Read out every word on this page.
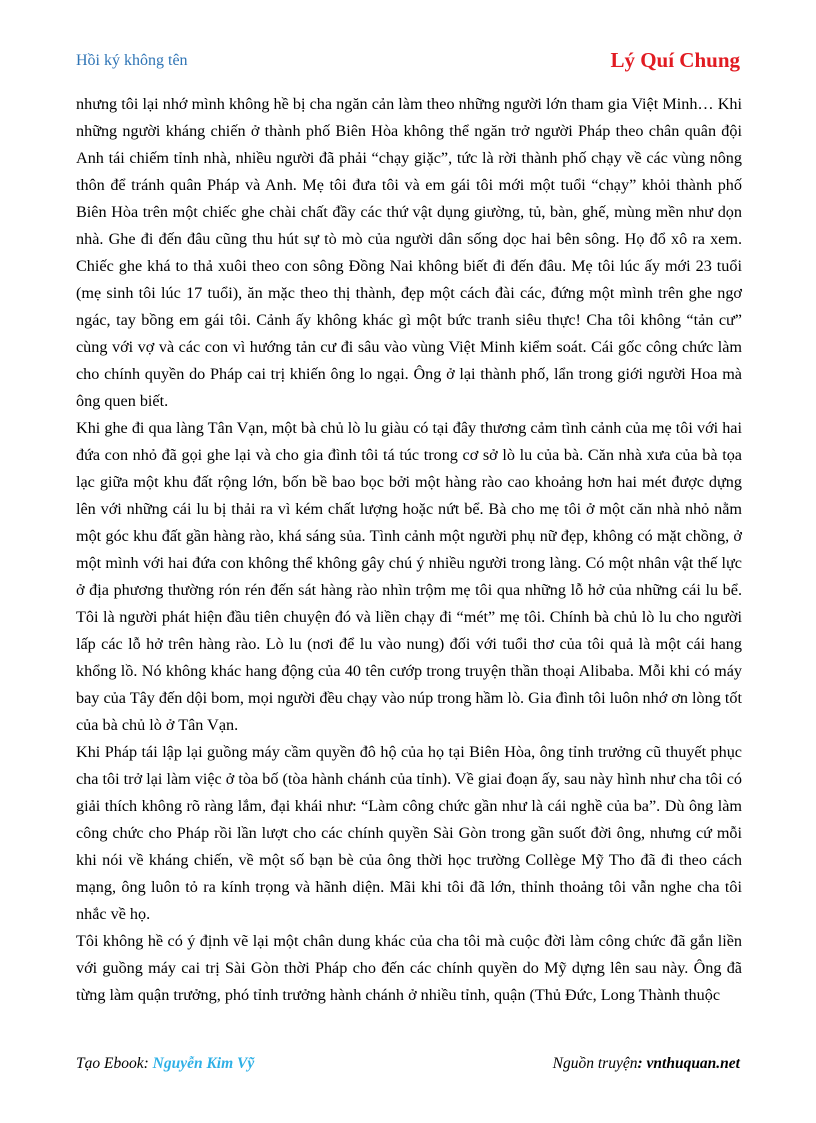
Hồi ký không tên	Lý Quí Chung

nhưng tôi lại nhớ mình không hề bị cha ngăn cản làm theo những người lớn tham gia Việt Minh… Khi những người kháng chiến ở thành phố Biên Hòa không thể ngăn trở người Pháp theo chân quân đội Anh tái chiếm tỉnh nhà, nhiều người đã phải “chạy giặc”, tức là rời thành phố chạy về các vùng nông thôn để tránh quân Pháp và Anh. Mẹ tôi đưa tôi và em gái tôi mới một tuổi “chạy” khỏi thành phố Biên Hòa trên một chiếc ghe chài chất đầy các thứ vật dụng giường, tủ, bàn, ghế, mùng mền như dọn nhà. Ghe đi đến đâu cũng thu hút sự tò mò của người dân sống dọc hai bên sông. Họ đổ xô ra xem. Chiếc ghe khá to thả xuôi theo con sông Đồng Nai không biết đi đến đâu. Mẹ tôi lúc ấy mới 23 tuổi (mẹ sinh tôi lúc 17 tuổi), ăn mặc theo thị thành, đẹp một cách đài các, đứng một mình trên ghe ngơ ngác, tay bồng em gái tôi. Cảnh ấy không khác gì một bức tranh siêu thực! Cha tôi không “tản cư” cùng với vợ và các con vì hướng tản cư đi sâu vào vùng Việt Minh kiểm soát. Cái gốc công chức làm cho chính quyền do Pháp cai trị khiến ông lo ngại. Ông ở lại thành phố, lẩn trong giới người Hoa mà ông quen biết.

Khi ghe đi qua làng Tân Vạn, một bà chủ lò lu giàu có tại đây thương cảm tình cảnh của mẹ tôi với hai đứa con nhỏ đã gọi ghe lại và cho gia đình tôi tá túc trong cơ sở lò lu của bà. Căn nhà xưa của bà tọa lạc giữa một khu đất rộng lớn, bốn bề bao bọc bởi một hàng rào cao khoảng hơn hai mét được dựng lên với những cái lu bị thải ra vì kém chất lượng hoặc nứt bể. Bà cho mẹ tôi ở một căn nhà nhỏ nằm một góc khu đất gần hàng rào, khá sáng sủa. Tình cảnh một người phụ nữ đẹp, không có mặt chồng, ở một mình với hai đứa con không thể không gây chú ý nhiều người trong làng. Có một nhân vật thế lực ở địa phương thường rón rén đến sát hàng rào nhìn trộm mẹ tôi qua những lỗ hở của những cái lu bể. Tôi là người phát hiện đầu tiên chuyện đó và liền chạy đi “mét” mẹ tôi. Chính bà chủ lò lu cho người lấp các lỗ hở trên hàng rào. Lò lu (nơi để lu vào nung) đối với tuổi thơ của tôi quả là một cái hang khổng lồ. Nó không khác hang động của 40 tên cướp trong truyện thần thoại Alibaba. Mỗi khi có máy bay của Tây đến dội bom, mọi người đều chạy vào núp trong hầm lò. Gia đình tôi luôn nhớ ơn lòng tốt của bà chủ lò ở Tân Vạn.

Khi Pháp tái lập lại guồng máy cầm quyền đô hộ của họ tại Biên Hòa, ông tỉnh trưởng cũ thuyết phục cha tôi trở lại làm việc ở tòa bố (tòa hành chánh của tỉnh). Về giai đoạn ấy, sau này hình như cha tôi có giải thích không rõ ràng lắm, đại khái như: “Làm công chức gần như là cái nghề của ba”. Dù ông làm công chức cho Pháp rồi lần lượt cho các chính quyền Sài Gòn trong gần suốt đời ông, nhưng cứ mỗi khi nói về kháng chiến, về một số bạn bè của ông thời học trường Collège Mỹ Tho đã đi theo cách mạng, ông luôn tỏ ra kính trọng và hãnh diện. Mãi khi tôi đã lớn, thỉnh thoảng tôi vẫn nghe cha tôi nhắc về họ.

Tôi không hề có ý định vẽ lại một chân dung khác của cha tôi mà cuộc đời làm công chức đã gắn liền với guồng máy cai trị Sài Gòn thời Pháp cho đến các chính quyền do Mỹ dựng lên sau này. Ông đã từng làm quận trưởng, phó tỉnh trưởng hành chánh ở nhiều tỉnh, quận (Thủ Đức, Long Thành thuộc

Tạo Ebook: Nguyễn Kim Vỹ	Nguồn truyện: vnthuquan.net
